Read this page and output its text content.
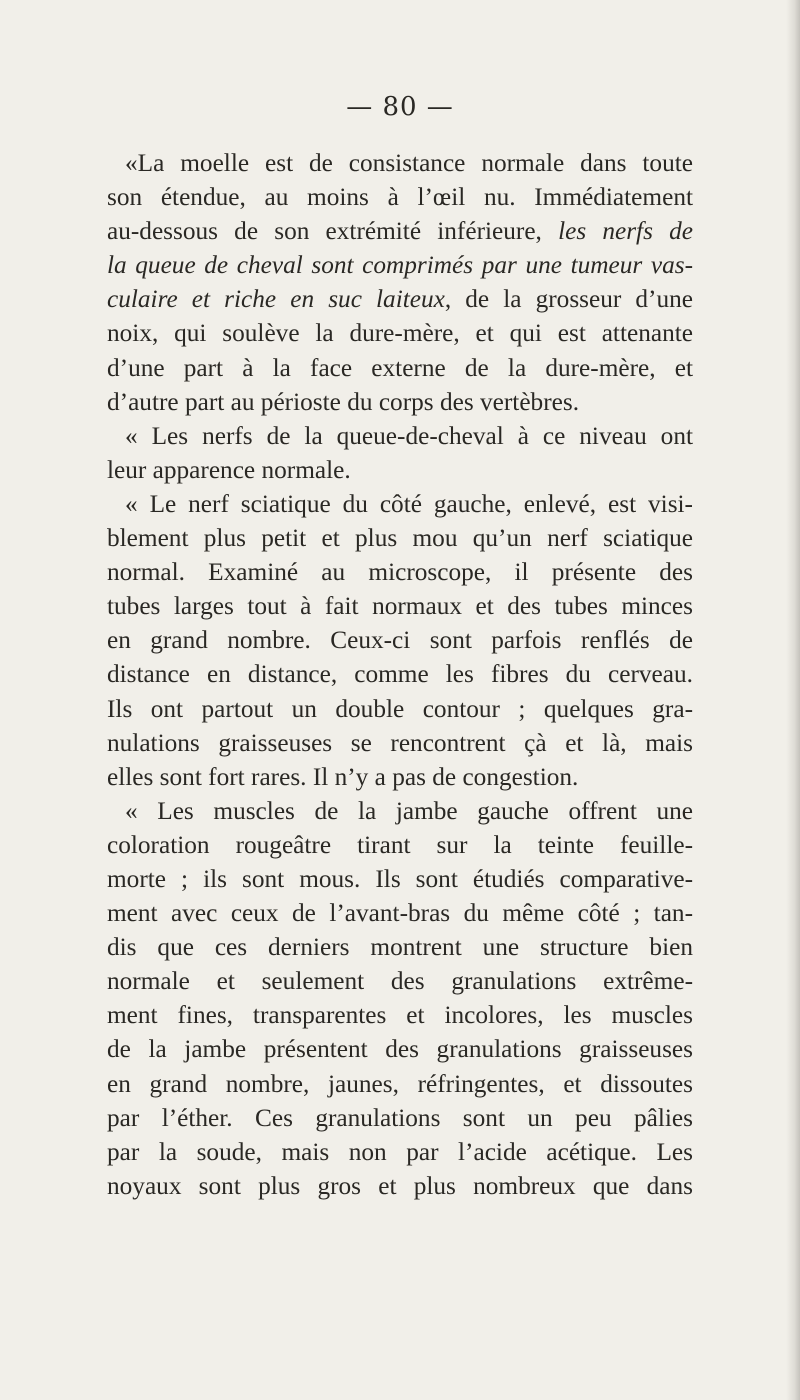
— 80 —
«La moelle est de consistance normale dans toute
son étendue, au moins à l’œil nu. Immédiatement
au-dessous de son extrémité inférieure, les nerfs de
la queue de cheval sont comprimés par une tumeur vas-
culaire et riche en suc laiteux, de la grosseur d’une
noix, qui soulève la dure-mère, et qui est attenante
d’une part à la face externe de la dure-mère, et
d’autre part au périoste du corps des vertèbres.
« Les nerfs de la queue-de-cheval à ce niveau ont
leur apparence normale.
« Le nerf sciatique du côté gauche, enlevé, est visi-
blement plus petit et plus mou qu’un nerf sciatique
normal. Examiné au microscope, il présente des
tubes larges tout à fait normaux et des tubes minces
en grand nombre. Ceux-ci sont parfois renflés de
distance en distance, comme les fibres du cerveau.
Ils ont partout un double contour ; quelques gra-
nulations graisseuses se rencontrent çà et là, mais
elles sont fort rares. Il n’y a pas de congestion.
« Les muscles de la jambe gauche offrent une
coloration rougeâtre tirant sur la teinte feuille-
morte ; ils sont mous. Ils sont étudiés comparative-
ment avec ceux de l’avant-bras du même côté ; tan-
dis que ces derniers montrent une structure bien
normale et seulement des granulations extrême-
ment fines, transparentes et incolores, les muscles
de la jambe présentent des granulations graisseuses
en grand nombre, jaunes, réfringentes, et dissoutes
par l’éther. Ces granulations sont un peu pâlies
par la soude, mais non par l’acide acétique. Les
noyaux sont plus gros et plus nombreux que dans
